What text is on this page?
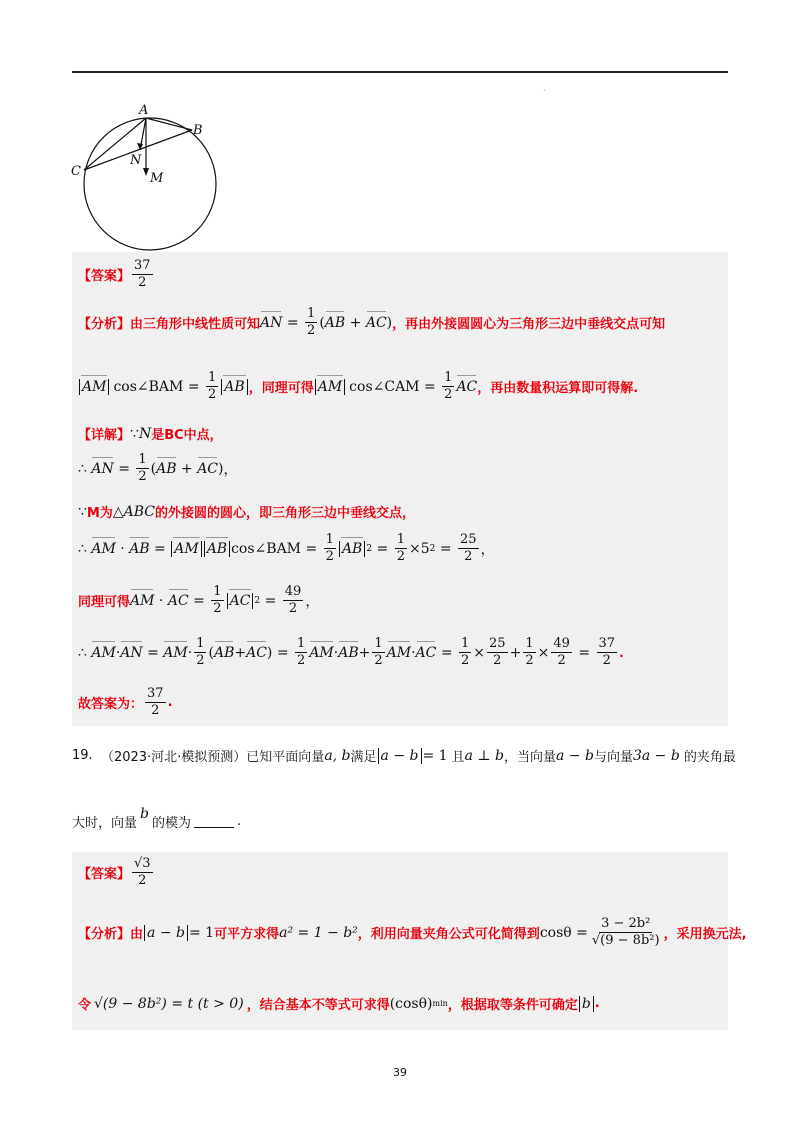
·
A
B
C
N
M
【答案】 $\frac{37}{2}$
【分析】 由三角形中线性质可知 AN = $\frac{1}{2}$ ( AB
+
AC ) ，再由外接圆圆心为三角形三边中垂线交点可知
AM cos∠BAM = $\frac{1}{2}$ AB ，同理可得 AM cos∠CAM = $\frac{1}{2}$ AC ，再由数量积运算即可得解.
【详解】 ∵ N 是BC中点，
∴
AN = $\frac{1}{2}$ ( AB
+
AC ) ，
∵ M为 △ABC 的外接圆的圆心，即三角形三边中垂线交点，
∴
AM
·
AB = AM AB cos∠BAM = $\frac{1}{2}$ AB $2 = \frac{1}{2} \times 5$ $2 = \frac{25}{2}$ ，
同理可得 AM
·
AC = $\frac{1}{2}$ AC $2 = \frac{49}{2}$ ，
∴
AM · AN = AM · $\frac{1}{2}$ ( AB + AC ) = $\frac{1}{2}$ AM · AB + $\frac{1}{2}$ AM · AC = $\frac{1}{2} \times \frac{25}{2} + \frac{1}{2} \times \frac{49}{2} = \frac{37}{2}$ .
故答案为： $\frac{37}{2}$ .
19.
（2023·河北·模拟预测）已知平面向量 a, b 满足 a − b = 1 且 a ⊥ b ，当向量 a − b 与向量 3a − b 的夹角最
大时，向量
b
的模为	.
【答案】 $\frac{√3}{2}$
【分析】 由 a − b = 1 可平方求得 a² = 1 − b² ，利用向量夹角公式可化简得到 $\cos\theta = \frac{\text{3 − 2b²}}{\text{√(9 − 8b²)}}$ ，采用换元法,
令 √(9 − 8b²) = t (t > 0) ，结合基本不等式可求得 (cosθ) min ，根据取等条件可确定 b .
39
